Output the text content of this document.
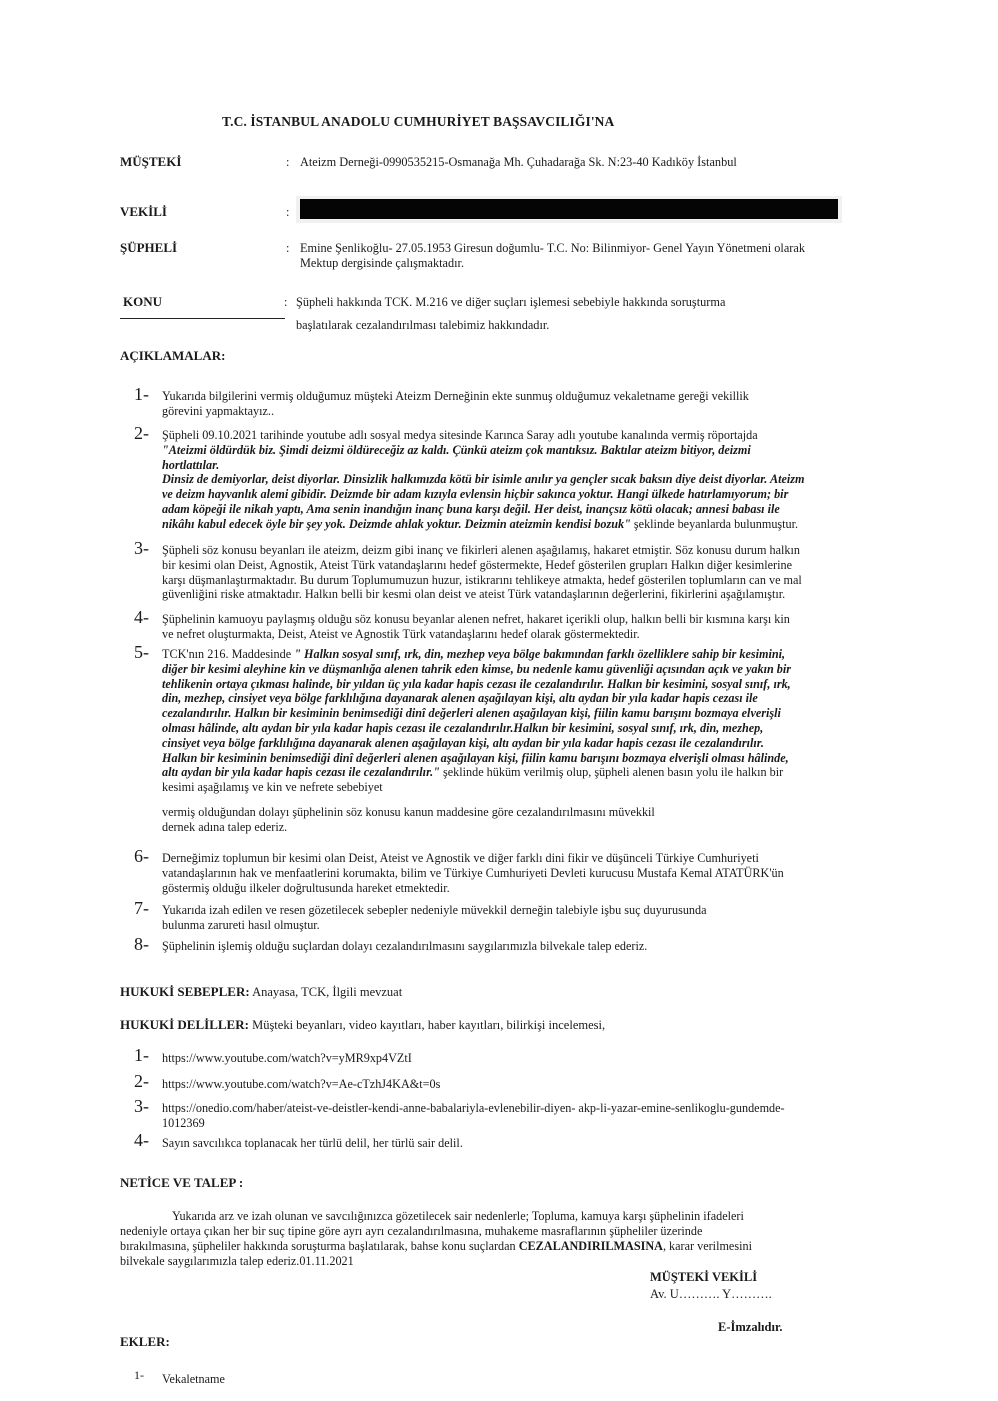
T.C. İSTANBUL ANADOLU CUMHURİYET BAŞSAVCILIĞI'NA
MÜŞTEKİ	: Ateizm Derneği-0990535215-Osmanağa Mh. Çuhadarağa Sk. N:23-40 Kadıköy İstanbul
VEKİLİ	:
ŞÜPHELİ	: Emine Şenlikoğlu- 27.05.1953 Giresun doğumlu- T.C. No: Bilinmiyor- Genel Yayın Yönetmeni olarak
Mektup dergisinde çalışmaktadır.
KONU	: Şüpheli hakkında TCK. M.216 ve diğer suçları işlemesi sebebiyle hakkında soruşturma
başlatılarak cezalandırılması talebimiz hakkındadır.
AÇIKLAMALAR:
1- Yukarıda bilgilerini vermiş olduğumuz müşteki Ateizm Derneğinin ekte sunmuş olduğumuz vekaletname gereği vekillik
görevini yapmaktayız..
2- Şüpheli 09.10.2021 tarihinde youtube adlı sosyal medya sitesinde Karınca Saray adlı youtube kanalında vermiş röportajda
"Ateizmi öldürdük biz. Şimdi deizmi öldüreceğiz az kaldı. Çünkü ateizm çok mantıksız. Baktılar ateizm bitiyor, deizmi
hortlattılar.
Dinsiz de demiyorlar, deist diyorlar. Dinsizlik halkımızda kötü bir isimle anılır ya gençler sıcak baksın diye deist diyorlar. Ateizm
ve deizm hayvanlık alemi gibidir. Deizmde bir adam kızıyla evlensin hiçbir sakınca yoktur. Hangi ülkede hatırlamıyorum; bir
adam köpeği ile nikah yaptı, Ama senin inandığın inanç buna karşı değil. Her deist, inançsız kötü olacak; annesi babası ile
nikâhı kabul edecek öyle bir şey yok. Deizmde ahlak yoktur. Deizmin ateizmin kendisi bozuk" şeklinde beyanlarda bulunmuştur.
3- Şüpheli söz konusu beyanları ile ateizm, deizm gibi inanç ve fikirleri alenen aşağılamış, hakaret etmiştir. Söz konusu durum halkın
bir kesimi olan Deist, Agnostik, Ateist Türk vatandaşlarını hedef göstermekte, Hedef gösterilen grupları Halkın diğer kesimlerine
karşı düşmanlaştırmaktadır. Bu durum Toplumumuzun huzur, istikrarını tehlikeye atmakta, hedef gösterilen toplumların can ve mal
güvenliğini riske atmaktadır. Halkın belli bir kesmi olan deist ve ateist Türk vatandaşlarının değerlerini, fikirlerini aşağılamıştır.
4- Şüphelinin kamuoyu paylaşmış olduğu söz konusu beyanlar alenen nefret, hakaret içerikli olup, halkın belli bir kısmına karşı kin
ve nefret oluşturmakta, Deist, Ateist ve Agnostik Türk vatandaşlarını hedef olarak göstermektedir.
5- TCK'nın 216. Maddesinde " Halkın sosyal sınıf, ırk, din, mezhep veya bölge bakımından farklı özelliklere sahip bir kesimini,
diğer bir kesimi aleyhine kin ve düşmanlığa alenen tahrik eden kimse, bu nedenle kamu güvenliği açısından açık ve yakın bir
tehlikenin ortaya çıkması halinde, bir yıldan üç yıla kadar hapis cezası ile cezalandırılır. Halkın bir kesimini, sosyal sınıf, ırk,
din, mezhep, cinsiyet veya bölge farklılığına dayanarak alenen aşağılayan kişi, altı aydan bir yıla kadar hapis cezası ile
cezalandırılır. Halkın bir kesiminin benimsediği dinî değerleri alenen aşağılayan kişi, fiilin kamu barışını bozmaya elverişli
olması hâlinde, altı aydan bir yıla kadar hapis cezası ile cezalandırılır.Halkın bir kesimini, sosyal sınıf, ırk, din, mezhep,
cinsiyet veya bölge farklılığına dayanarak alenen aşağılayan kişi, altı aydan bir yıla kadar hapis cezası ile cezalandırılır.
Halkın bir kesiminin benimsediği dinî değerleri alenen aşağılayan kişi, fiilin kamu barışını bozmaya elverişli olması hâlinde,
altı aydan bir yıla kadar hapis cezası ile cezalandırılır." şeklinde hüküm verilmiş olup, şüpheli alenen basın yolu ile halkın bir
kesimi aşağılamış ve kin ve nefrete sebebiyet
vermiş olduğundan dolayı şüphelinin söz konusu kanun maddesine göre cezalandırılmasını müvekkil
dernek adına talep ederiz.
6- Derneğimiz toplumun bir kesimi olan Deist, Ateist ve Agnostik ve diğer farklı dini fikir ve düşünceli Türkiye Cumhuriyeti
vatandaşlarının hak ve menfaatlerini korumakta, bilim ve Türkiye Cumhuriyeti Devleti kurucusu Mustafa Kemal ATATÜRK'ün
göstermiş olduğu ilkeler doğrultusunda hareket etmektedir.
7- Yukarıda izah edilen ve resen gözetilecek sebepler nedeniyle müvekkil derneğin talebiyle işbu suç duyurusunda
bulunma zarureti hasıl olmuştur.
8- Şüphelinin işlemiş olduğu suçlardan dolayı cezalandırılmasını saygılarımızla bilvekale talep ederiz.
HUKUKİ SEBEPLER: Anayasa, TCK, İlgili mevzuat
HUKUKİ DELİLLER: Müşteki beyanları, video kayıtları, haber kayıtları, bilirkişi incelemesi,
1- https://www.youtube.com/watch?v=yMR9xp4VZtI
2- https://www.youtube.com/watch?v=Ae-cTzhJ4KA&t=0s
3- https://onedio.com/haber/ateist-ve-deistler-kendi-anne-babalariyla-evlenebilir-diyen- akp-li-yazar-emine-senlikoglu-gundemde-
1012369
4- Sayın savcılıkca toplanacak her türlü delil, her türlü sair delil.
NETİCE VE TALEP :
Yukarıda arz ve izah olunan ve savcılığınızca gözetilecek sair nedenlerle; Topluma, kamuya karşı şüphelinin ifadeleri
nedeniyle ortaya çıkan her bir suç tipine göre ayrı ayrı cezalandırılmasına, muhakeme masraflarının şüpheliler üzerinde
bırakılmasına, şüpheliler hakkında soruşturma başlatılarak, bahse konu suçlardan CEZALANDIRILMASINA, karar verilmesini
bilvekale saygılarımızla talep ederiz.01.11.2021
MÜŞTEKİ VEKİLİ
Av. U………. Y……….
E-İmzalıdır.
EKLER:
1- Vekaletname
